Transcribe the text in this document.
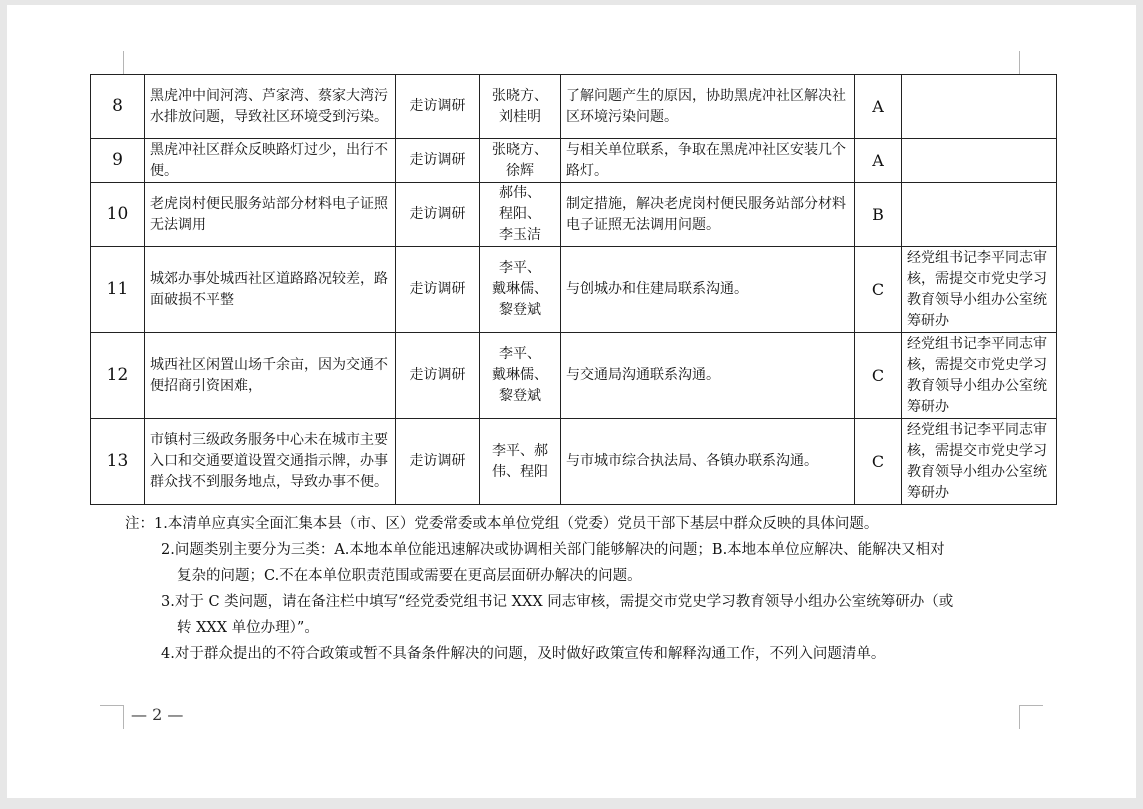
8	黑虎冲中间河湾、芦家湾、蔡家大湾污水排放问题，导致社区环境受到污染。	走访调研	张晓方、
刘桂明	了解问题产生的原因，协助黑虎冲社区解决社区环境污染问题。	A	
9	黑虎冲社区群众反映路灯过少，出行不便。	走访调研	张晓方、
徐辉	与相关单位联系，争取在黑虎冲社区安装几个路灯。	A	
10	老虎岗村便民服务站部分材料电子证照无法调用	走访调研	郝伟、
程阳、
李玉洁	制定措施，解决老虎岗村便民服务站部分材料电子证照无法调用问题。	B	
11	城郊办事处城西社区道路路况较差，路面破损不平整	走访调研	李平、
戴琳儒、
黎登斌	与创城办和住建局联系沟通。	C	经党组书记李平同志审核，需提交市党史学习教育领导小组办公室统筹研办
12	城西社区闲置山场千余亩，因为交通不便招商引资困难，	走访调研	李平、
戴琳儒、
黎登斌	与交通局沟通联系沟通。	C	经党组书记李平同志审核，需提交市党史学习教育领导小组办公室统筹研办
13	市镇村三级政务服务中心未在城市主要入口和交通要道设置交通指示牌，办事群众找不到服务地点，导致办事不便。	走访调研	李平、郝
伟、程阳	与市城市综合执法局、各镇办联系沟通。	C	经党组书记李平同志审核，需提交市党史学习教育领导小组办公室统筹研办
注：1.本清单应真实全面汇集本县（市、区）党委常委或本单位党组（党委）党员干部下基层中群众反映的具体问题。
2.问题类别主要分为三类：A.本地本单位能迅速解决或协调相关部门能够解决的问题；B.本地本单位应解决、能解决又相对
复杂的问题；C.不在本单位职责范围或需要在更高层面研办解决的问题。
3.对于 C 类问题，请在备注栏中填写“经党委党组书记 XXX 同志审核，需提交市党史学习教育领导小组办公室统筹研办（或
转 XXX 单位办理）”。
4.对于群众提出的不符合政策或暂不具备条件解决的问题，及时做好政策宣传和解释沟通工作，不列入问题清单。
— 2 —
